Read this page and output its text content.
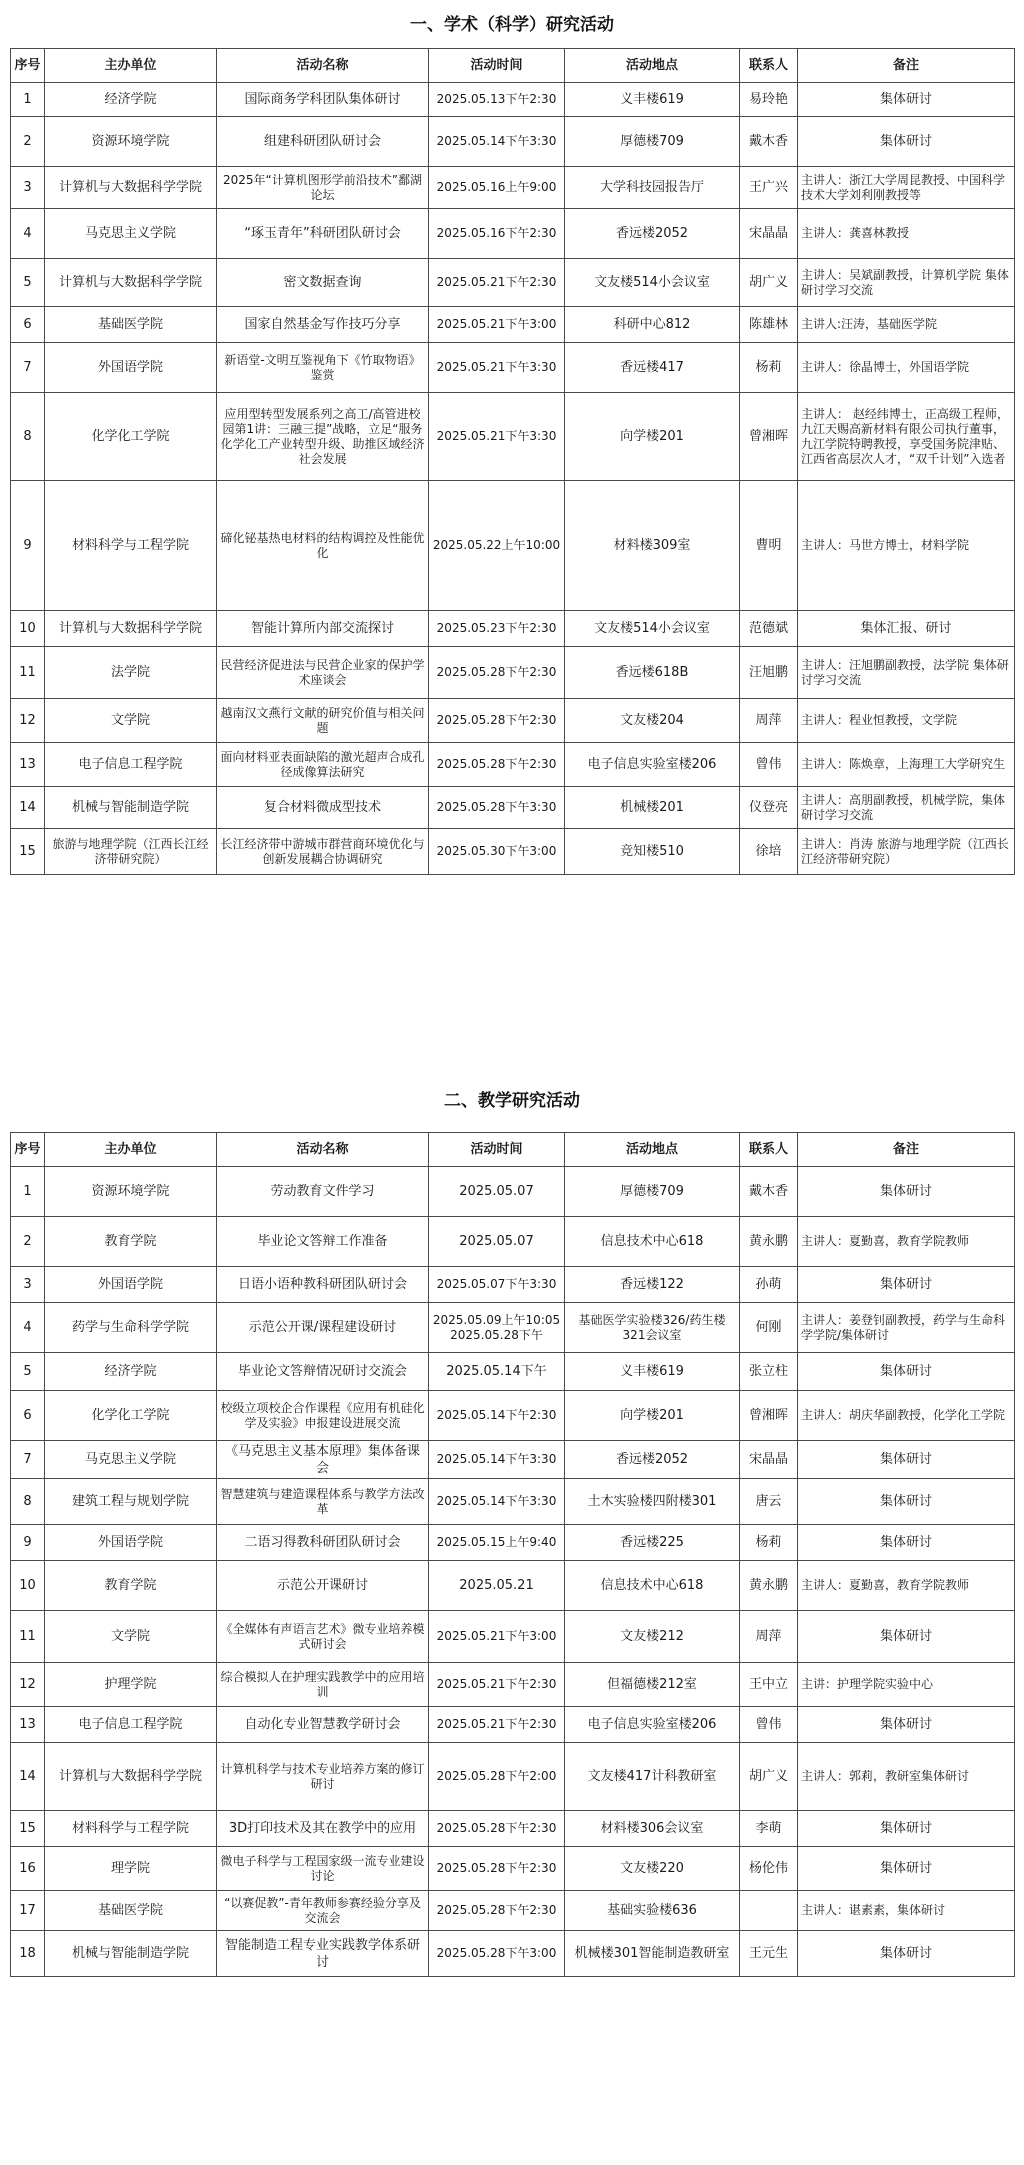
一、学术（科学）研究活动
序号	主办单位	活动名称	活动时间	活动地点	联系人	备注
1	经济学院	国际商务学科团队集体研讨	2025.05.13下午2:30	义丰楼619	易玲艳	集体研讨
2	资源环境学院	组建科研团队研讨会	2025.05.14下午3:30	厚德楼709	戴木香	集体研讨
3	计算机与大数据科学学院	2025年“计算机图形学前沿技术”鄱湖论坛	2025.05.16上午9:00	大学科技园报告厅	王广兴	主讲人：浙江大学周昆教授、中国科学技术大学刘利刚教授等
4	马克思主义学院	“琢玉青年”科研团队研讨会	2025.05.16下午2:30	香远楼2052	宋晶晶	主讲人：龚喜林教授
5	计算机与大数据科学学院	密文数据查询	2025.05.21下午2:30	文友楼514小会议室	胡广义	主讲人：吴斌副教授，计算机学院 集体研讨学习交流
6	基础医学院	国家自然基金写作技巧分享	2025.05.21下午3:00	科研中心812	陈雄林	主讲人:汪涛，基础医学院
7	外国语学院	新语堂-文明互鉴视角下《竹取物语》鉴赏	2025.05.21下午3:30	香远楼417	杨莉	主讲人：徐晶博士，外国语学院
8	化学化工学院	应用型转型发展系列之高工/高管进校园第1讲：三融三提”战略，立足“服务化学化工产业转型升级、助推区域经济社会发展	2025.05.21下午3:30	向学楼201	曾湘晖	主讲人： 赵经纬博士，正高级工程师，九江天赐高新材料有限公司执行董事，九江学院特聘教授，享受国务院津贴、江西省高层次人才，“双千计划”入选者
9	材料科学与工程学院	碲化铋基热电材料的结构调控及性能优化	2025.05.22上午10:00	材料楼309室	曹明	主讲人：马世方博士，材料学院
10	计算机与大数据科学学院	智能计算所内部交流探讨	2025.05.23下午2:30	文友楼514小会议室	范德斌	集体汇报、研讨
11	法学院	民营经济促进法与民营企业家的保护学术座谈会	2025.05.28下午2:30	香远楼618B	汪旭鹏	主讲人：汪旭鹏副教授，法学院 集体研讨学习交流
12	文学院	越南汉文燕行文献的研究价值与相关问题	2025.05.28下午2:30	文友楼204	周萍	主讲人：程业恒教授，文学院
13	电子信息工程学院	面向材料亚表面缺陷的激光超声合成孔径成像算法研究	2025.05.28下午2:30	电子信息实验室楼206	曾伟	主讲人：陈焕章，上海理工大学研究生
14	机械与智能制造学院	复合材料微成型技术	2025.05.28下午3:30	机械楼201	仪登亮	主讲人：高朋副教授，机械学院，集体研讨学习交流
15	旅游与地理学院（江西长江经济带研究院）	长江经济带中游城市群营商环境优化与创新发展耦合协调研究	2025.05.30下午3:00	竞知楼510	徐培	主讲人：肖涛 旅游与地理学院（江西长江经济带研究院）
二、教学研究活动
序号	主办单位	活动名称	活动时间	活动地点	联系人	备注
1	资源环境学院	劳动教育文件学习	2025.05.07	厚德楼709	戴木香	集体研讨
2	教育学院	毕业论文答辩工作准备	2025.05.07	信息技术中心618	黄永鹏	主讲人：夏勤喜，教育学院教师
3	外国语学院	日语小语种教科研团队研讨会	2025.05.07下午3:30	香远楼122	孙萌	集体研讨
4	药学与生命科学学院	示范公开课/课程建设研讨	2025.05.09上午10:05
2025.05.28下午	基础医学实验楼326/药生楼321会议室	何刚	主讲人：姜登钊副教授，药学与生命科学学院/集体研讨
5	经济学院	毕业论文答辩情况研讨交流会	2025.05.14下午	义丰楼619	张立柱	集体研讨
6	化学化工学院	校级立项校企合作课程《应用有机硅化学及实验》申报建设进展交流	2025.05.14下午2:30	向学楼201	曾湘晖	主讲人：胡庆华副教授，化学化工学院
7	马克思主义学院	《马克思主义基本原理》集体备课会	2025.05.14下午3:30	香远楼2052	宋晶晶	集体研讨
8	建筑工程与规划学院	智慧建筑与建造课程体系与教学方法改革	2025.05.14下午3:30	土木实验楼四附楼301	唐云	集体研讨
9	外国语学院	二语习得教科研团队研讨会	2025.05.15上午9:40	香远楼225	杨莉	集体研讨
10	教育学院	示范公开课研讨	2025.05.21	信息技术中心618	黄永鹏	主讲人：夏勤喜，教育学院教师
11	文学院	《全媒体有声语言艺术》微专业培养模式研讨会	2025.05.21下午3:00	文友楼212	周萍	集体研讨
12	护理学院	综合模拟人在护理实践教学中的应用培训	2025.05.21下午2:30	但福德楼212室	王中立	主讲：护理学院实验中心
13	电子信息工程学院	自动化专业智慧教学研讨会	2025.05.21下午2:30	电子信息实验室楼206	曾伟	集体研讨
14	计算机与大数据科学学院	计算机科学与技术专业培养方案的修订研讨	2025.05.28下午2:00	文友楼417计科教研室	胡广义	主讲人：郭莉，教研室集体研讨
15	材料科学与工程学院	3D打印技术及其在教学中的应用	2025.05.28下午2:30	材料楼306会议室	李萌	集体研讨
16	理学院	微电子科学与工程国家级一流专业建设讨论	2025.05.28下午2:30	文友楼220	杨伦伟	集体研讨
17	基础医学院	“以赛促教”-青年教师参赛经验分享及交流会	2025.05.28下午2:30	基础实验楼636		主讲人：谌素素，集体研讨
18	机械与智能制造学院	智能制造工程专业实践教学体系研讨	2025.05.28下午3:00	机械楼301智能制造教研室	王元生	集体研讨
